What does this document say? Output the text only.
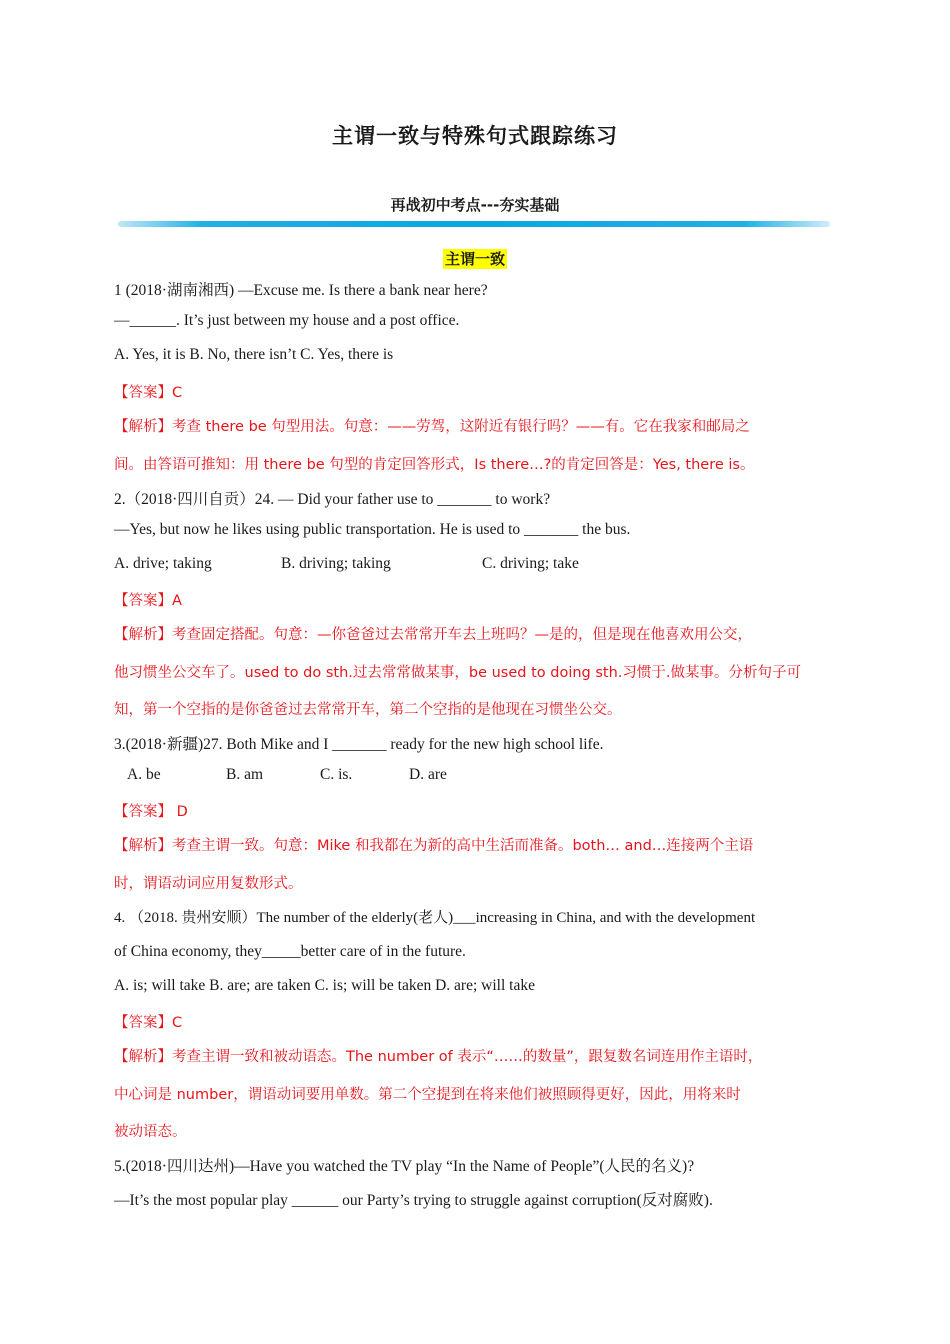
主谓一致与特殊句式跟踪练习
再战初中考点---夯实基础
主谓一致
1 (2018·湖南湘西) —Excuse me. Is there a bank near here?
—______. It’s just between my house and a post office.
A. Yes, it is B. No, there isn’t C. Yes, there is
【答案】C
【解析】考查 there be 句型用法。句意：——劳驾，这附近有银行吗？——有。它在我家和邮局之
间。由答语可推知：用 there be 句型的肯定回答形式，Is there…?的肯定回答是：Yes, there is。
2.（2018·四川自贡）24. — Did your father use to _______ to work?
—Yes, but now he likes using public transportation. He is used to _______ the bus.
A. drive; taking	B. driving; taking	C. driving; take
【答案】A
【解析】考查固定搭配。句意：—你爸爸过去常常开车去上班吗？—是的，但是现在他喜欢用公交，
他习惯坐公交车了。used to do sth.过去常常做某事，be used to doing sth.习惯于.做某事。分析句子可
知，第一个空指的是你爸爸过去常常开车，第二个空指的是他现在习惯坐公交。
3.(2018·新疆)27. Both Mike and I _______ ready for the new high school life.
A. be	B. am	C. is.	D. are
【答案】 D
【解析】考查主谓一致。句意：Mike 和我都在为新的高中生活而准备。both… and…连接两个主语
时，谓语动词应用复数形式。
4. （2018. 贵州安顺）The number of the elderly(老人)___increasing in China, and with the development
of China economy, they_____better care of in the future.
A. is; will take B. are; are taken C. is; will be taken D. are; will take
【答案】C
【解析】考查主谓一致和被动语态。The number of 表示“……的数量”，跟复数名词连用作主语时，
中心词是 number，谓语动词要用单数。第二个空提到在将来他们被照顾得更好，因此，用将来时
被动语态。
5.(2018·四川达州)—Have you watched the TV play “In the Name of People”(人民的名义)?
—It’s the most popular play ______ our Party’s trying to struggle against corruption(反对腐败).
